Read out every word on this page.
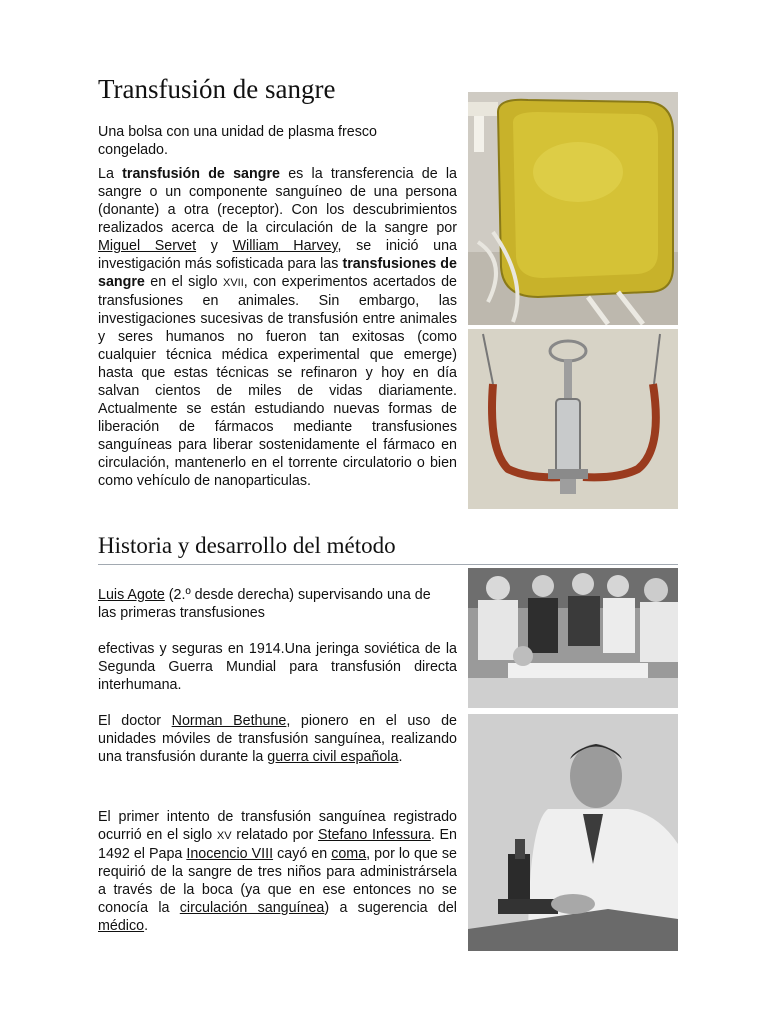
Transfusión de sangre

Una bolsa con una unidad de plasma fresco congelado.

La transfusión de sangre es la transferencia de la sangre o un componente sanguíneo de una persona (donante) a otra (receptor). Con los descubrimientos realizados acerca de la circulación de la sangre por Miguel Servet y William Harvey, se inició una investigación más sofisticada para las transfusiones de sangre en el siglo XVII, con experimentos acertados de transfusiones en animales. Sin embargo, las investigaciones sucesivas de transfusión entre animales y seres humanos no fueron tan exitosas (como cualquier técnica médica experimental que emerge) hasta que estas técnicas se refinaron y hoy en día salvan cientos de miles de vidas diariamente. Actualmente se están estudiando nuevas formas de liberación de fármacos mediante transfusiones sanguíneas para liberar sostenidamente el fármaco en circulación, mantenerlo en el torrente circulatorio o bien como vehículo de nanoparticulas.

Historia y desarrollo del método

Luis Agote (2.º desde derecha) supervisando una de las primeras transfusiones

efectivas y seguras en 1914.Una jeringa soviética de la Segunda Guerra Mundial para transfusión directa interhumana.

El doctor Norman Bethune, pionero en el uso de unidades móviles de transfusión sanguínea, realizando una transfusión durante la guerra civil española.

El primer intento de transfusión sanguínea registrado ocurrió en el siglo XV relatado por Stefano Infessura. En 1492 el Papa Inocencio VIII cayó en coma, por lo que se requirió de la sangre de tres niños para administrársela a través de la boca (ya que en ese entonces no se conocía la circulación sanguínea) a sugerencia del médico.
